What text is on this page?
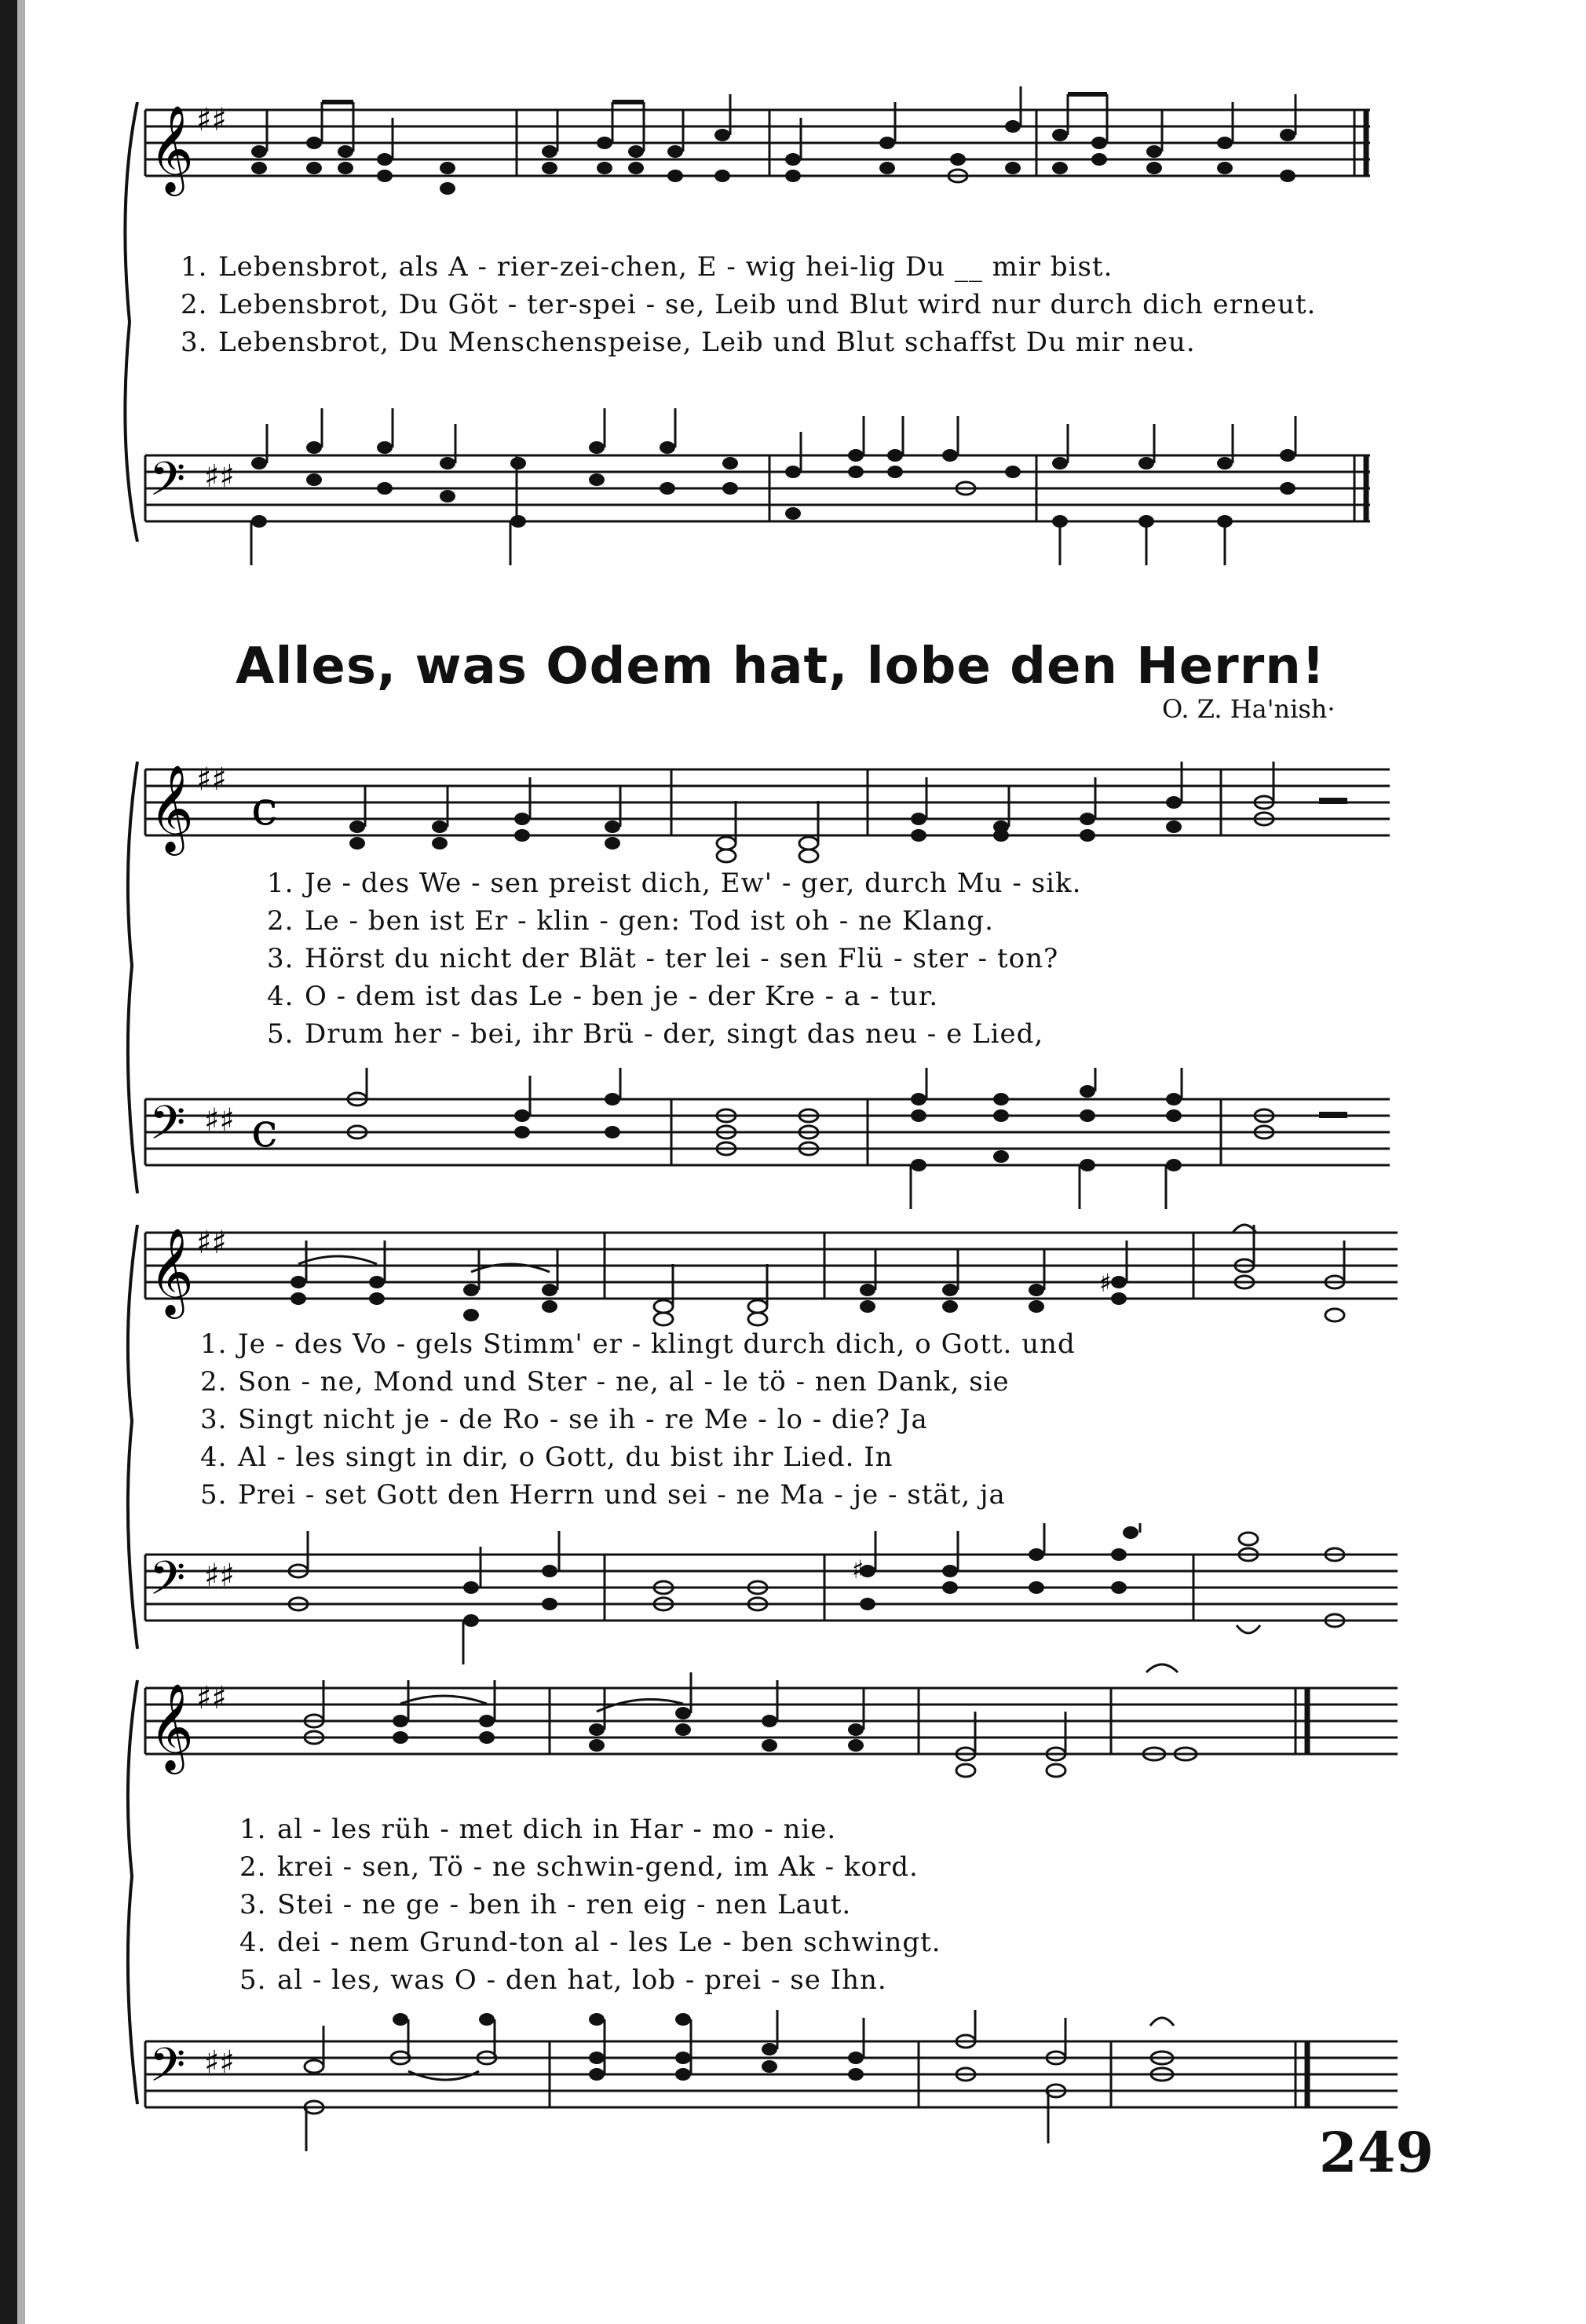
𝄞 ♯♯
1. Lebensbrot, als A - rier-zei-chen, E - wig hei-lig Du __ mir bist.
2. Lebensbrot, Du Göt - ter-spei - se, Leib und Blut wird nur durch dich erneut.
3. Lebensbrot, Du Menschenspeise, Leib und Blut schaffst Du mir neu.
𝄢 ♯♯
Alles, was Odem hat, lobe den Herrn!
O. Z. Ha'nish·
𝄞 ♯♯
c
1. Je - des We - sen preist dich, Ew' - ger, durch Mu - sik.
2. Le - ben ist Er - klin - gen: Tod ist oh - ne Klang.
3. Hörst du nicht der Blät - ter lei - sen Flü - ster - ton?
4. O - dem ist das Le - ben je - der Kre - a - tur.
5. Drum her - bei, ihr Brü - der, singt das neu - e Lied,
𝄢 ♯♯ c
𝄞 ♯♯
♯
1. Je - des Vo - gels Stimm' er - klingt durch dich, o Gott. und
2. Son - ne, Mond und Ster - ne, al - le tö - nen Dank, sie
3. Singt nicht je - de Ro - se ih - re Me - lo - die? Ja
4. Al - les singt in dir, o Gott, du bist ihr Lied. In
5. Prei - set Gott den Herrn und sei - ne Ma - je - stät, ja
𝄢 ♯♯	♯
𝄞 ♯♯
1. al - les rüh - met dich in Har - mo - nie.
2. krei - sen, Tö - ne schwin-gend, im Ak - kord.
3. Stei - ne ge - ben ih - ren eig - nen Laut.
4. dei - nem Grund-ton al - les Le - ben schwingt.
5. al - les, was O - den hat, lob - prei - se Ihn.
𝄢 ♯♯
249
